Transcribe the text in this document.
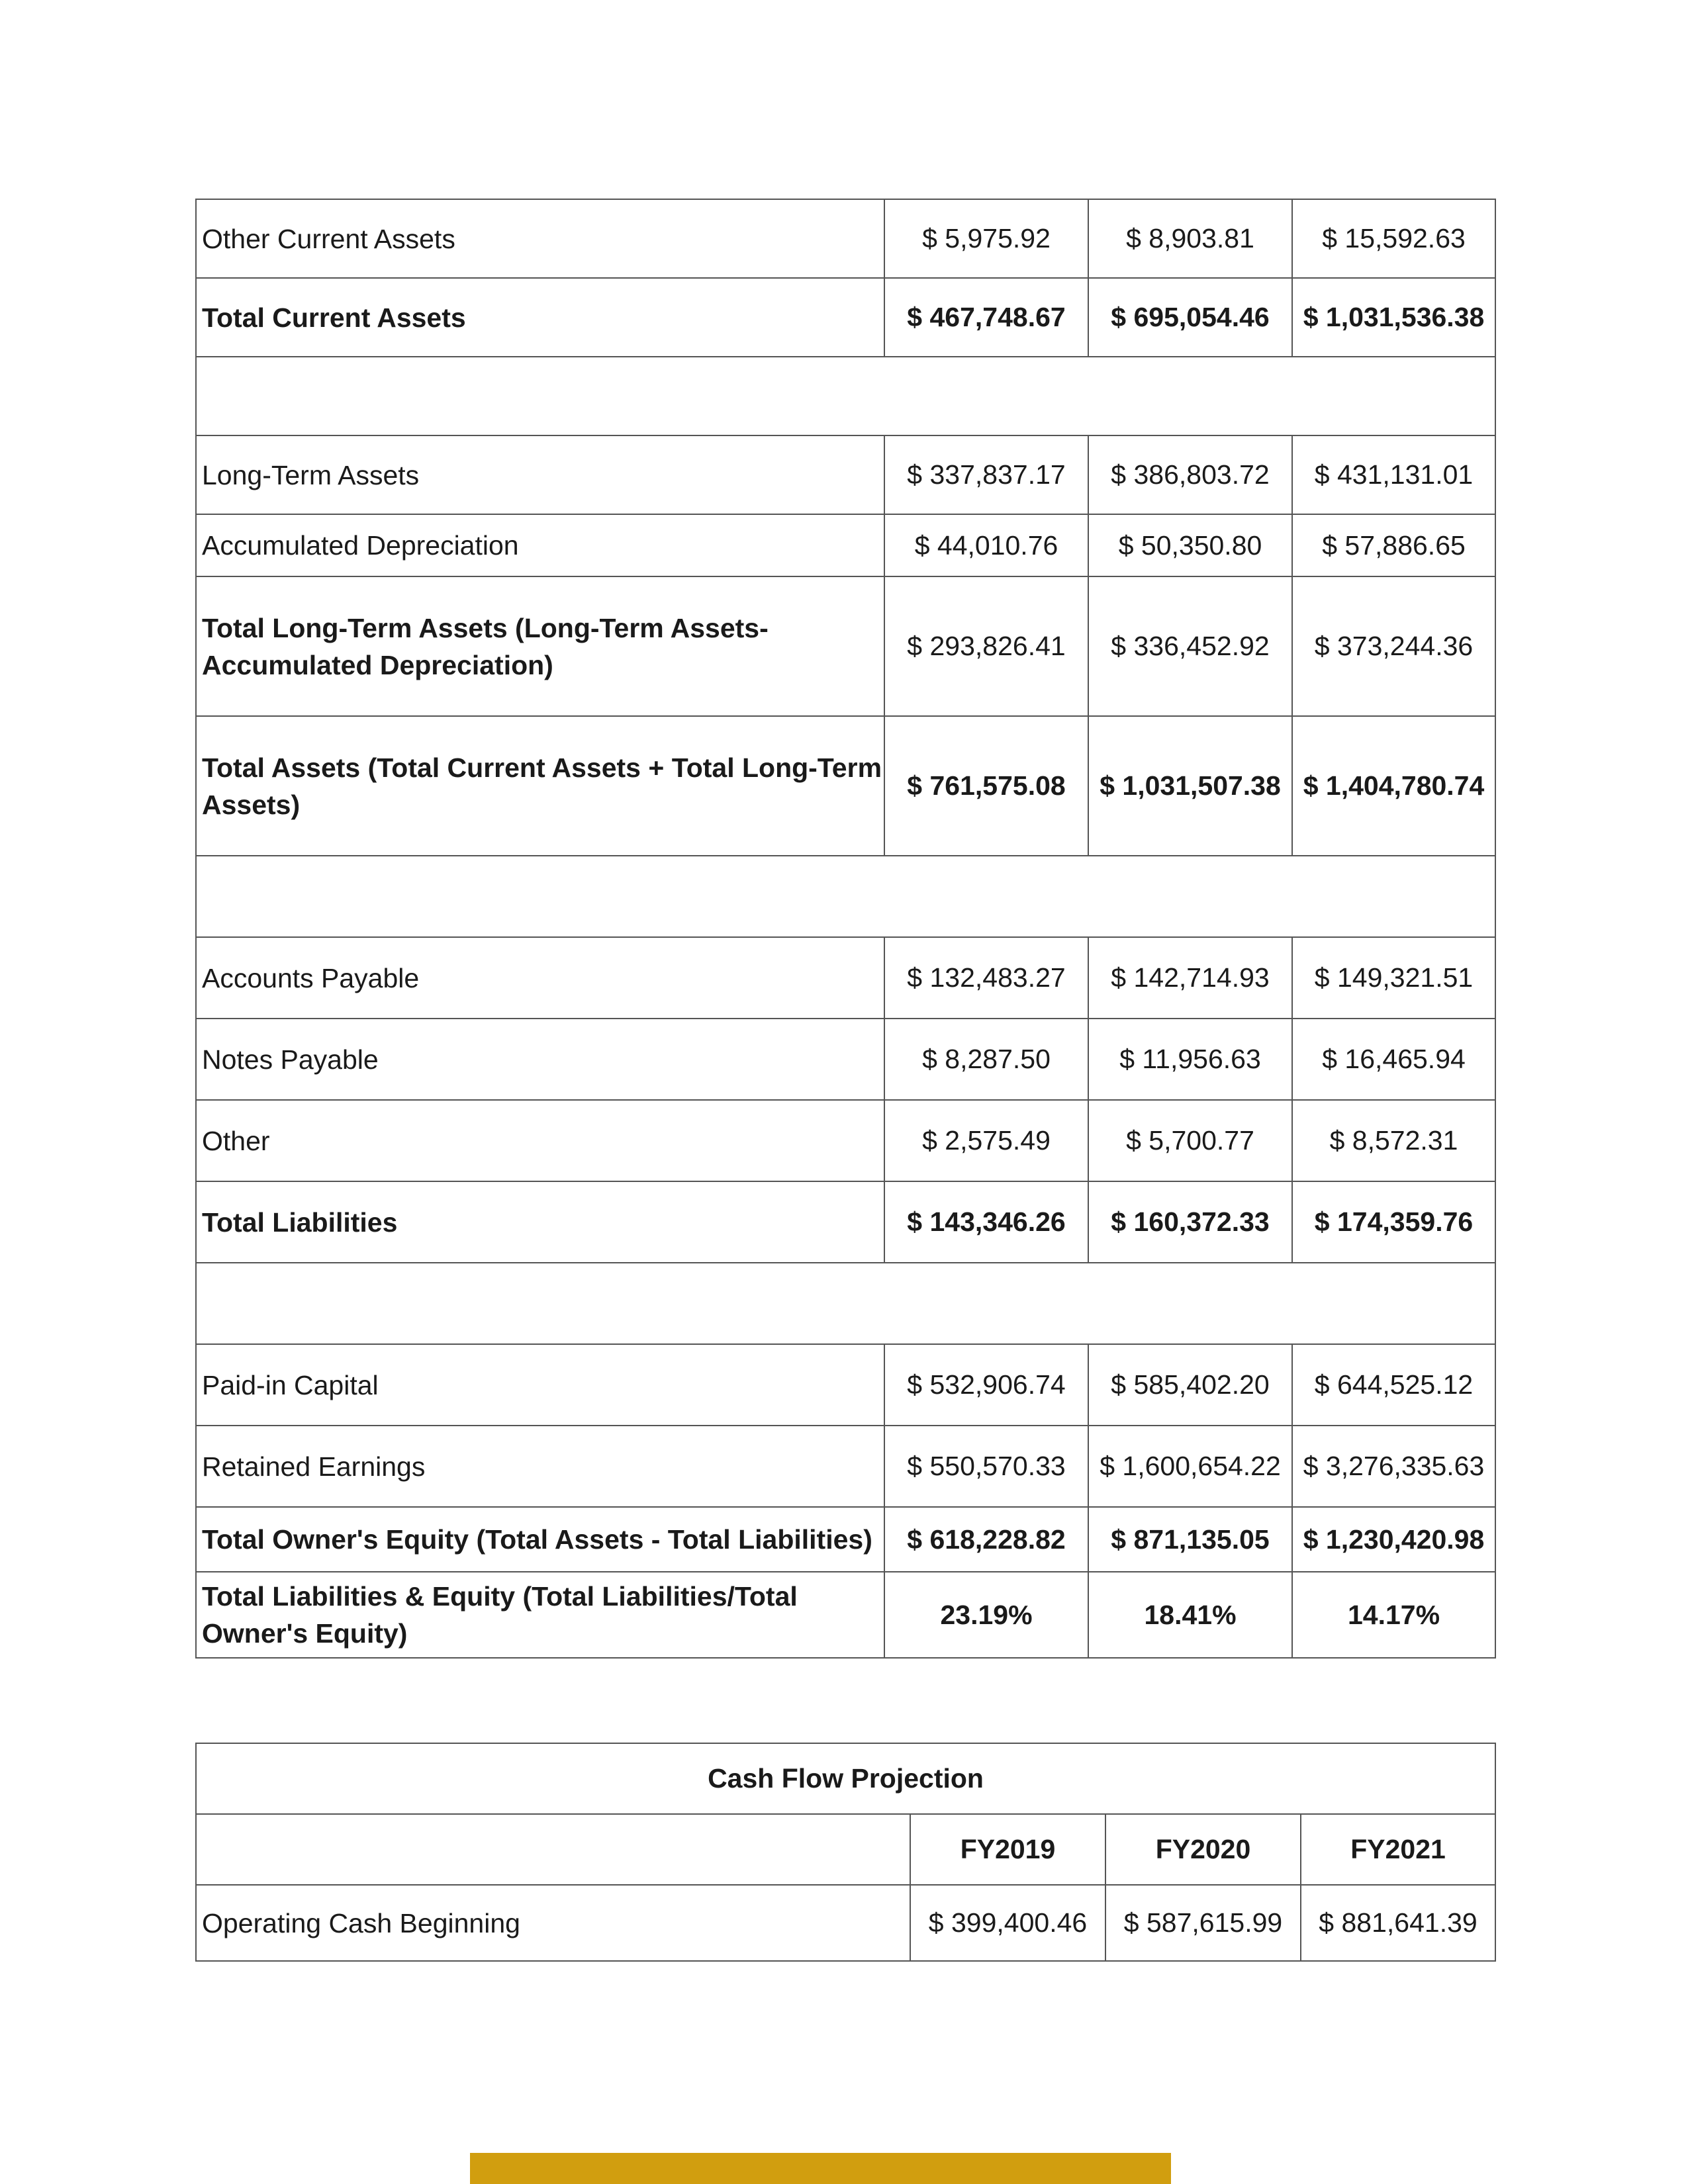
Other Current Assets	$ 5,975.92	$ 8,903.81	$ 15,592.63
Total Current Assets	$ 467,748.67	$ 695,054.46	$ 1,031,536.38

Long-Term Assets	$ 337,837.17	$ 386,803.72	$ 431,131.01
Accumulated Depreciation	$ 44,010.76	$ 50,350.80	$ 57,886.65
Total Long-Term Assets (Long-Term Assets-Accumulated Depreciation)	$ 293,826.41	$ 336,452.92	$ 373,244.36
Total Assets (Total Current Assets + Total Long-Term Assets)	$ 761,575.08	$ 1,031,507.38	$ 1,404,780.74

Accounts Payable	$ 132,483.27	$ 142,714.93	$ 149,321.51
Notes Payable	$ 8,287.50	$ 11,956.63	$ 16,465.94
Other	$ 2,575.49	$ 5,700.77	$ 8,572.31
Total Liabilities	$ 143,346.26	$ 160,372.33	$ 174,359.76

Paid-in Capital	$ 532,906.74	$ 585,402.20	$ 644,525.12
Retained Earnings	$ 550,570.33	$ 1,600,654.22	$ 3,276,335.63
Total Owner's Equity (Total Assets - Total Liabilities)	$ 618,228.82	$ 871,135.05	$ 1,230,420.98
Total Liabilities & Equity (Total Liabilities/Total Owner's Equity)	23.19%	18.41%	14.17%
Cash Flow Projection			
	FY2019	FY2020	FY2021
Operating Cash Beginning	$ 399,400.46	$ 587,615.99	$ 881,641.39
